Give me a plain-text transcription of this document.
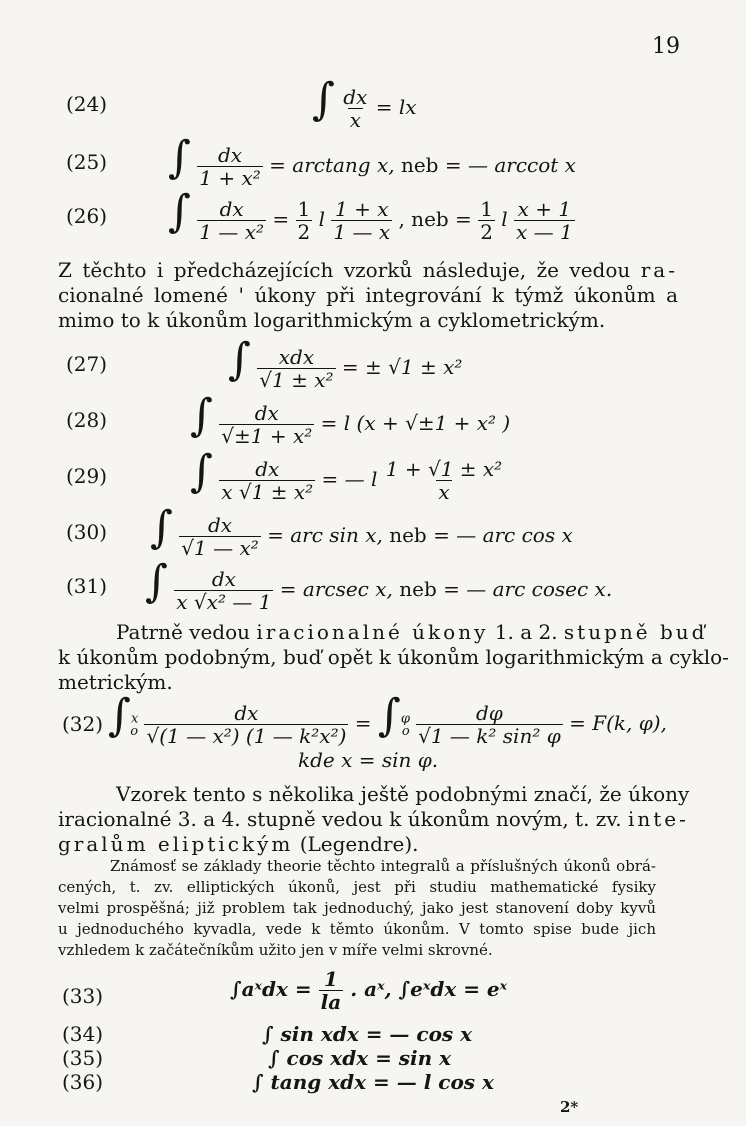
19
(24)	∫ $\frac{dx}{x}$ = lx
(25) ∫ $\frac{dx}{\text{1 + x²}} = \arctan g$ x, neb = — arccot x
(26) ∫ $\frac{dx}{\text{1 — x²}} = \frac{1}{2}$ l $\frac{1 + x}{1 — x}$ , neb = $\frac{1}{2}$ l $\frac{x + 1}{x — 1}$
Z těchto i předcházejících vzorků následuje, že vedou ra-
cionalné lomené ' úkony při integrování k týmž úkonům a
mimo to k úkonům logarithmickým a cyklometrickým.
(27)	∫ $\frac{\text{xdx}}{\text{√1 ± x²}}$ = ± √1 ± x²
(28) ∫ $\frac{dx}{\text{√±1 + x²}} = l$ (x + √±1 + x² )
(29) ∫ $\frac{dx}{\text{x √1 ± x²}}$ = — l $\frac{\text{1 + √1 ± x²}}{x}$
(30) ∫ $\frac{dx}{\text{√1 — x²}}$ = arc sin x, neb = — arc cos x
(31) ∫ $\frac{dx}{\text{x √x² — 1}} = arcsec$ x, neb = — arc cosec x.
Patrně vedou iracionalné úkony 1. a 2. stupně buď
k úkonům podobným, buď opět k úkonům logarithmickým a cyklo-
metrickým.
(32) $\int^x_o \frac{dx}{\text{√(1 — x²) (1 — k²x²)}} = \int^\varphi_o \frac{d\varphi}{\text{√1 — k² sin² φ}} = F(k$, φ),
kde x = sin φ.
Vzorek tento s několika ještě podobnými značí, že úkony
iracionalné 3. a 4. stupně vedou k úkonům novým, t. zv. inte-
gralům eliptickým (Legendre).
Známosť se základy theorie těchto integralů a příslušných úkonů obrá-
cených, t. zv. elliptických úkonů, jest při studiu mathematické fysiky
velmi prospěšná; již problem tak jednoduchý, jako jest stanovení doby kyvů
u jednoduchého kyvadla, vede k těmto úkonům. V tomto spise bude jich
vzhledem k začátečníkům užito jen v míře velmi skrovné.
(33)	∫aˣdx = $\frac{1}{la}$ . aˣ, ∫eˣdx = eˣ
(34)	∫ sin xdx = — cos x
(35)	∫ cos xdx = sin x
(36)	∫ tang xdx = — l cos x
2*
